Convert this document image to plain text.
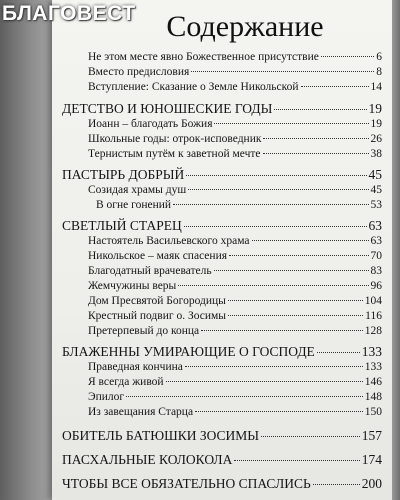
БЛАГОВЕСТ	Содержание
Не этом месте явно Божественное присутствие	6
Вместо предисловия	8
Вступление: Сказание о Земле Никольской	14
ДЕТСТВО И ЮНОШЕСКИЕ ГОДЫ	19
Иоанн – благодать Божия	19
Школьные годы: отрок-исповедник	26
Тернистым путём к заветной мечте	38
ПАСТЫРЬ ДОБРЫЙ	45
Созидая храмы душ	45
В огне гонений	53
СВЕТЛЫЙ СТАРЕЦ	63
Настоятель Васильевского храма	63
Никольское – маяк спасения	70
Благодатный врачеватель	83
Жемчужины веры	96
Дом Пресвятой Богородицы	104
Крестный подвиг о. Зосимы	116
Претерпевый до конца	128
БЛАЖЕННЫ УМИРАЮЩИЕ О ГОСПОДЕ	133
Праведная кончина	133
Я всегда живой	146
Эпилог	148
Из завещания Старца	150
ОБИТЕЛЬ БАТЮШКИ ЗОСИМЫ	157
ПАСХАЛЬНЫЕ КОЛОКОЛА	174
ЧТОБЫ ВСЕ ОБЯЗАТЕЛЬНО СПАСЛИСЬ	200
